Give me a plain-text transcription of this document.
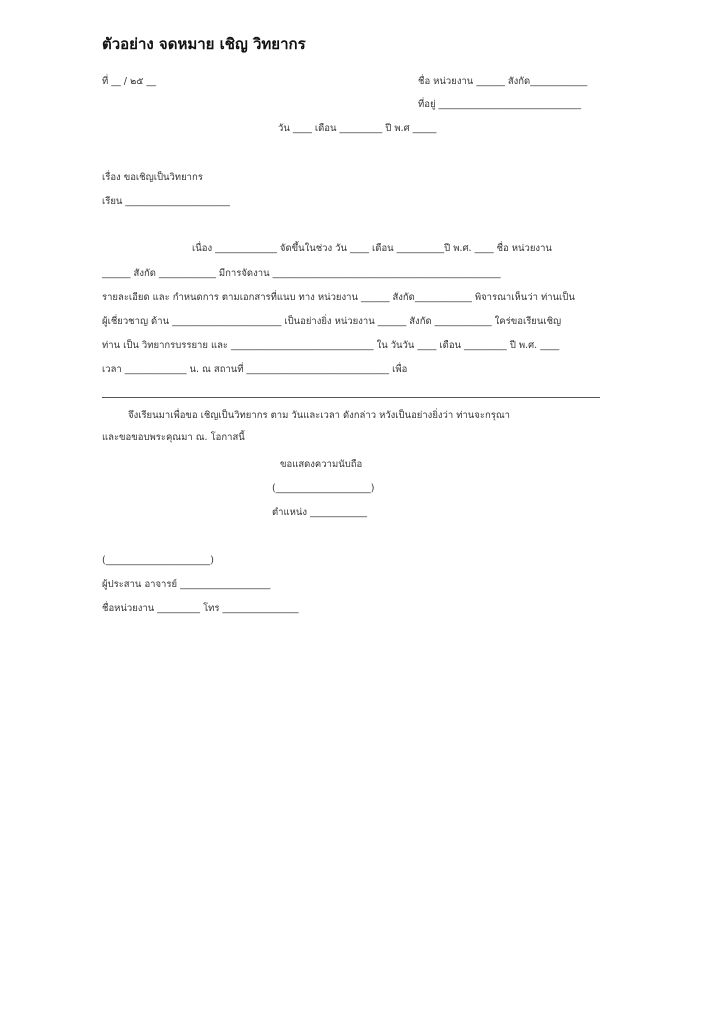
ตัวอย่าง จดหมาย เชิญ วิทยากร
ที่ __ / ๒๕ __	ชื่อ หน่วยงาน ______ สังกัด____________
ที่อยู่ ______________________________
วัน ____ เดือน _________ ปี พ.ศ _____
เรื่อง ขอเชิญเป็นวิทยากร
เรียน ______________________
เนื่อง _____________ จัดขึ้นในช่วง วัน ____ เดือน __________ปี พ.ศ. ____ ชื่อ หน่วยงาน
______ สังกัด ____________ มีการจัดงาน ________________________________________________
รายละเอียด และ กำหนดการ ตามเอกสารที่แนบ ทาง หน่วยงาน ______ สังกัด____________ พิจารณาเห็นว่า ท่านเป็น
ผู้เชี่ยวชาญ ด้าน _______________________ เป็นอย่างยิ่ง หน่วยงาน ______ สังกัด ____________ ใคร่ขอเรียนเชิญ
ท่าน เป็น วิทยากรบรรยาย และ ______________________________ ใน วันวัน ____ เดือน _________ ปี พ.ศ. ____
เวลา _____________ น. ณ สถานที่ ______________________________ เพื่อ
จึงเรียนมาเพื่อขอ เชิญเป็นวิทยากร ตาม วันและเวลา ดังกล่าว หวังเป็นอย่างยิ่งว่า ท่านจะกรุณา
และขอขอบพระคุณมา ณ. โอกาสนี้
ขอแสดงความนับถือ
(____________________)
ตำแหน่ง ____________
(______________________)
ผู้ประสาน อาจารย์ ___________________
ชื่อหน่วยงาน _________ โทร ________________
